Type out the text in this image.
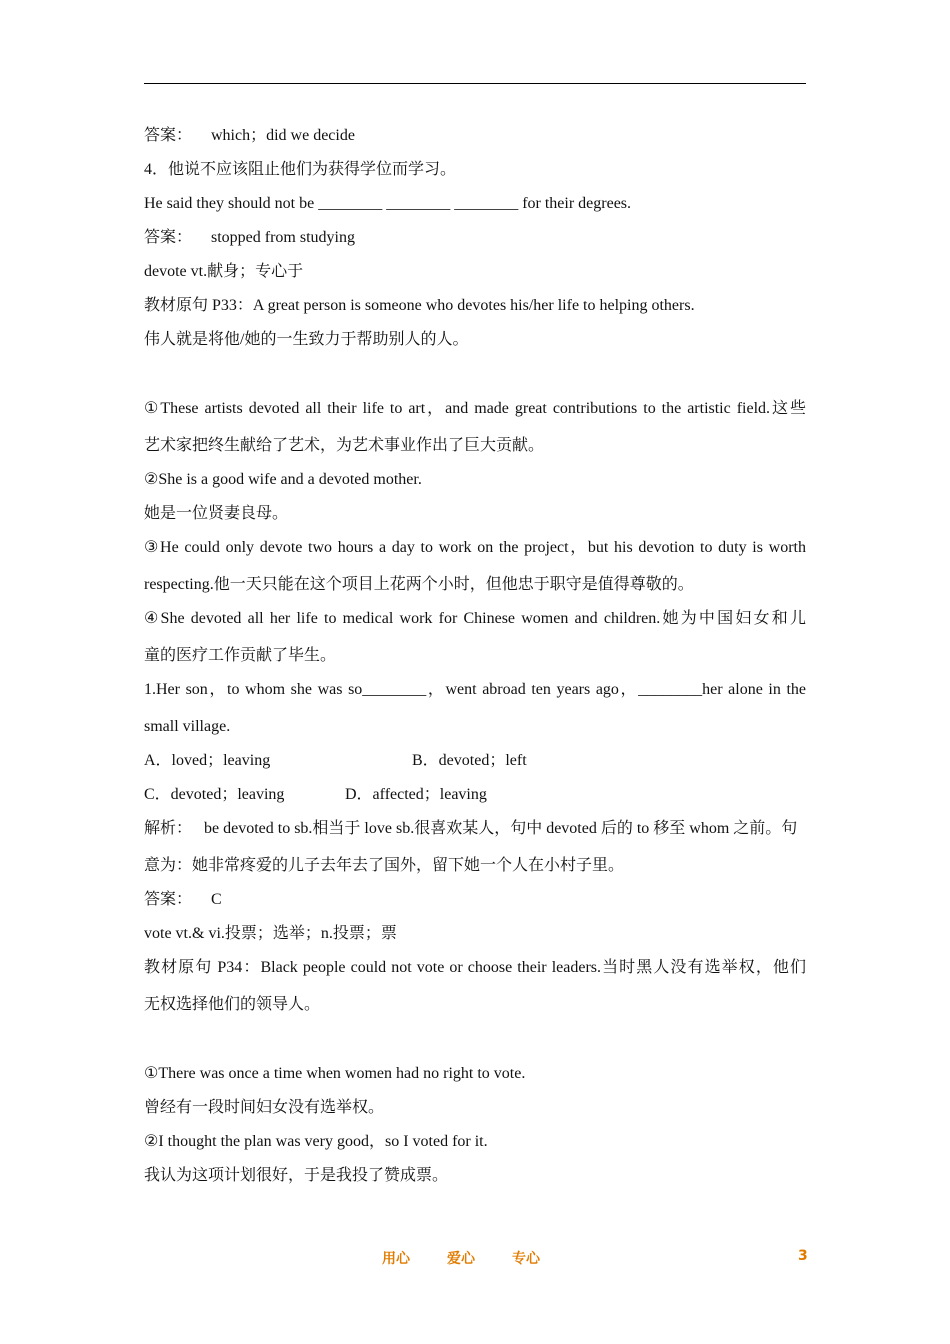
答案： which；did we decide
4．他说不应该阻止他们为获得学位而学习。
He said they should not be ________ ________ ________ for their degrees.
答案： stopped from studying
devote vt.献身；专心于
教材原句 P33：A great person is someone who devotes his/her life to helping others.
伟人就是将他/她的一生致力于帮助别人的人。
①These artists devoted all their life to art，and made great contributions to the artistic field.这些
艺术家把终生献给了艺术，为艺术事业作出了巨大贡献。
②She is a good wife and a devoted mother.
她是一位贤妻良母。
③He could only devote two hours a day to work on the project，but his devotion to duty is worth
respecting.他一天只能在这个项目上花两个小时，但他忠于职守是值得尊敬的。
④She devoted all her life to medical work for Chinese women and children.她为中国妇女和儿
童的医疗工作贡献了毕生。
1.Her son，to whom she was so________，went abroad ten years ago，________her alone in the
small village.
A．loved；leaving	B．devoted；left
C．devoted；leaving	D．affected；leaving
解析： be devoted to sb.相当于 love sb.很喜欢某人，句中 devoted 后的 to 移至 whom 之前。句
意为：她非常疼爱的儿子去年去了国外，留下她一个人在小村子里。
答案： C
vote vt.& vi.投票；选举；n.投票；票
教材原句 P34：Black people could not vote or choose their leaders.当时黑人没有选举权，他们
无权选择他们的领导人。
①There was once a time when women had no right to vote.
曾经有一段时间妇女没有选举权。
②I thought the plan was very good，so I voted for it.
我认为这项计划很好，于是我投了赞成票。
用心	爱心	专心	3
